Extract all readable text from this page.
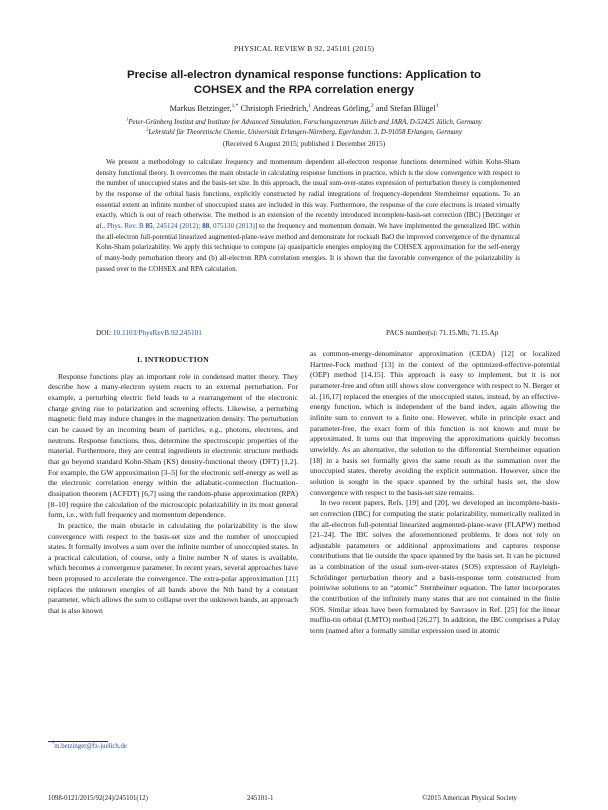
PHYSICAL REVIEW B 92, 245101 (2015)
Precise all-electron dynamical response functions: Application to
COHSEX and the RPA correlation energy
Markus Betzinger,$^{1,*}$ Christoph Friedrich,$^1$ Andreas Görling,$^2$ and Stefan Blügel$^1$
$^1$Peter-Grünberg Institut and Institute for Advanced Simulation, Forschungszentrum Jülich and JARA, D-52425 Jülich, Germany
$^2$Lehrstuhl für Theoretische Chemie, Universität Erlangen-Nürnberg, Egerlandstr. 3, D-91058 Erlangen, Germany
(Received 6 August 2015; published 1 December 2015)

We present a methodology to calculate frequency and momentum dependent all-electron response functions determined within Kohn-Sham density functional theory. It overcomes the main obstacle in calculating response functions in practice, which is the slow convergence with respect to the number of unoccupied states and the basis-set size. In this approach, the usual sum-over-states expression of perturbation theory is complemented by the response of the orbital basis functions, explicitly constructed by radial integrations of frequency-dependent Sternheimer equations. To an essential extent an infinite number of unoccupied states are included in this way. Furthermore, the response of the core electrons is treated virtually exactly, which is out of reach otherwise. The method is an extension of the recently introduced incomplete-basis-set correction (IBC) [Betzinger et al., Phys. Rev. B 85, 245124 (2012); 88, 075130 (2013)] to the frequency and momentum domain. We have implemented the generalized IBC within the all-electron full-potential linearized augmented-plane-wave method and demonstrate for rocksalt BaO the improved convergence of the dynamical Kohn-Sham polarizability. We apply this technique to compute (a) quasiparticle energies employing the COHSEX approximation for the self-energy of many-body perturbation theory and (b) all-electron RPA correlation energies. It is shown that the favorable convergence of the polarizability is passed over to the COHSEX and RPA calculation.

DOI: 10.1103/PhysRevB.92.245101	PACS number(s): 71.15.Mb, 71.15.Ap
I. INTRODUCTION

Response functions play an important role in condensed matter theory. They describe how a many-electron system reacts to an external perturbation. For example, a perturbing electric field leads to a rearrangement of the electronic charge giving rise to polarization and screening effects. Likewise, a perturbing magnetic field may induce changes in the magnetization density. The perturbation can be caused by an incoming beam of particles, e.g., photons, electrons, and neutrons. Response functions, thus, determine the spectroscopic properties of the material. Furthermore, they are central ingredients in electronic structure methods that go beyond standard Kohn-Sham (KS) density-functional theory (DFT) [1,2]. For example, the GW approximation [3–5] for the electronic self-energy as well as the electronic correlation energy within the adiabatic-connection fluctuation-dissipation theorem (ACFDT) [6,7] using the random-phase approximation (RPA) [8–10] require the calculation of the microscopic polarizability in its most general form, i.e., with full frequency and momentum dependence.

In practice, the main obstacle in calculating the polarizability is the slow convergence with respect to the basis-set size and the number of unoccupied states. It formally involves a sum over the infinite number of unoccupied states. In a practical calculation, of course, only a finite number N of states is available, which becomes a convergence parameter. In recent years, several approaches have been proposed to accelerate the convergence. The extra-polar approximation [11] replaces the unknown energies of all bands above the Nth band by a constant parameter, which allows the sum to collapse over the unknown bands, an approach that is also known

as common-energy-denominator approximation (CEDA) [12] or localized Hartree-Fock method [13] in the context of the optimized-effective-potential (OEP) method [14,15]. This approach is easy to implement, but it is not parameter-free and often still shows slow convergence with respect to N. Berger et al. [16,17] replaced the energies of the unoccupied states, instead, by an effective-energy function, which is independent of the band index, again allowing the infinite sum to convert to a finite one. However, while in principle exact and parameter-free, the exact form of this function is not known and must be approximated. It turns out that improving the approximations quickly becomes unwieldy. As an alternative, the solution to the differential Sternheimer equation [18] in a basis set formally gives the same result as the summation over the unoccupied states, thereby avoiding the explicit summation. However, since the solution is sought in the space spanned by the orbital basis set, the slow convergence with respect to the basis-set size remains.

In two recent papers, Refs. [19] and [20], we developed an incomplete-basis-set correction (IBC) for computing the static polarizability, numerically realized in the all-electron full-potential linearized augmented-plane-wave (FLAPW) method [21–24]. The IBC solves the aforementioned problems. It does not rely on adjustable parameters or additional approximations and captures response contributions that lie outside the space spanned by the basis set. It can be pictured as a combination of the usual sum-over-states (SOS) expression of Rayleigh-Schrödinger perturbation theory and a basis-response term constructed from pointwise solutions to an “atomic” Sternheimer equation. The latter incorporates the contribution of the infinitely many states that are not contained in the finite SOS. Similar ideas have been formulated by Savrasov in Ref. [25] for the linear muffin-tin orbital (LMTO) method [26,27]. In addition, the IBC comprises a Pulay term (named after a formally similar expression used in atomic

*m.betzinger@fz-juelich.de
1098-0121/2015/92(24)/245101(12)	245101-1	©2015 American Physical Society
